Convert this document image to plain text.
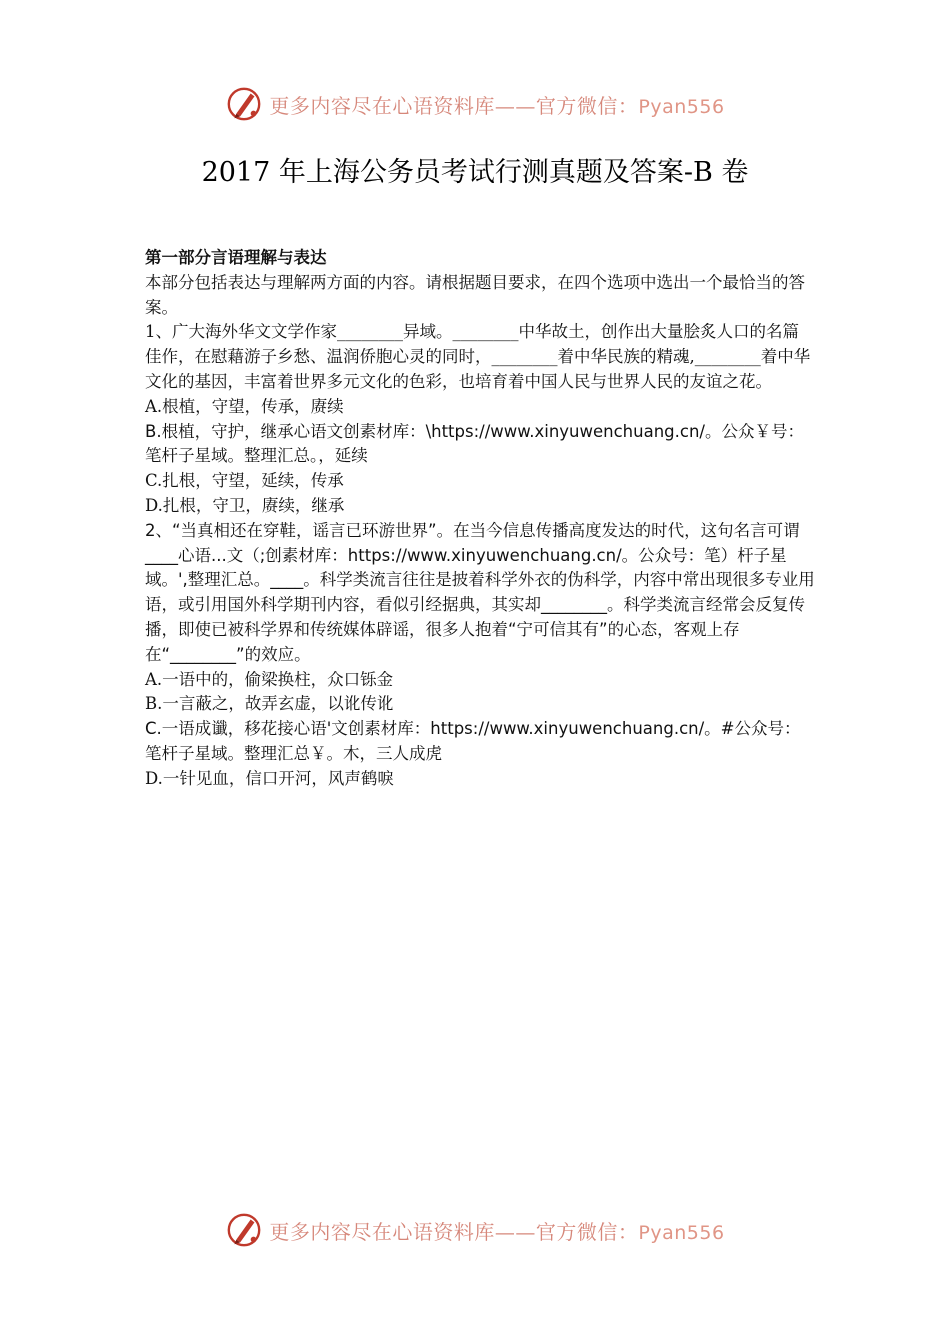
更多内容尽在心语资料库——官方微信：Pyan556
2017 年上海公务员考试行测真题及答案-B 卷

第一部分言语理解与表达

本部分包括表达与理解两方面的内容。请根据题目要求，在四个选项中选出一个最恰当的答案。

1、广大海外华文文学作家________异域。________中华故土，创作出大量脍炙人口的名篇佳作，在慰藉游子乡愁、温润侨胞心灵的同时，________着中华民族的精魂,________着中华文化的基因，丰富着世界多元文化的色彩，也培育着中国人民与世界人民的友谊之花。

A.根植，守望，传承，赓续

B.根植，守护，继承心语文创素材库：\https://www.xinyuwenchuang.cn/。公众￥号：笔杆子星域。整理汇总。，延续

C.扎根，守望，延续，传承

D.扎根，守卫，赓续，继承

2、“当真相还在穿鞋，谣言已环游世界”。在当今信息传播高度发达的时代，这句名言可谓____心语...文（;创素材库：https://www.xinyuwenchuang.cn/。公众号：笔）杆子星域。',整理汇总。____。科学类流言往往是披着科学外衣的伪科学，内容中常出现很多专业用语，或引用国外科学期刊内容，看似引经据典，其实却________。科学类流言经常会反复传播，即使已被科学界和传统媒体辟谣，很多人抱着“宁可信其有”的心态，客观上存在“________”的效应。

A.一语中的，偷梁换柱，众口铄金

B.一言蔽之，故弄玄虚，以讹传讹

C.一语成谶，移花接心语'文创素材库：https://www.xinyuwenchuang.cn/。#公众号：笔杆子星域。整理汇总￥。木，三人成虎

D.一针见血，信口开河，风声鹤唳

更多内容尽在心语资料库——官方微信：Pyan556
